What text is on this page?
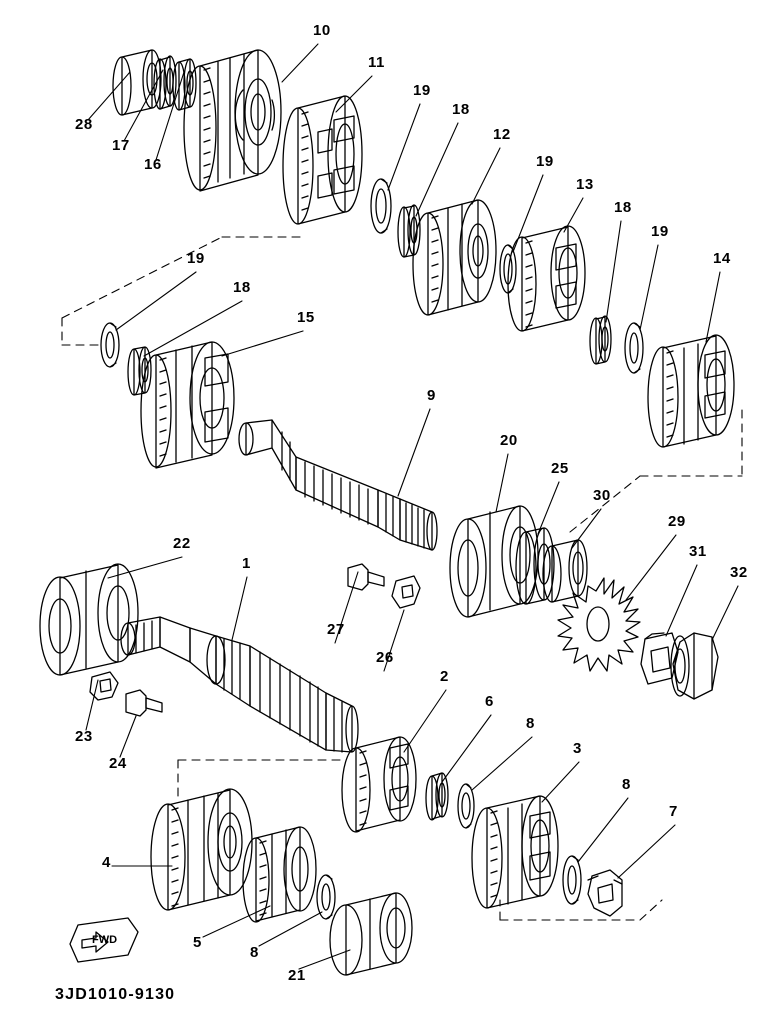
10
11
19
18
12
19
13
18
19
14
28
17
16
19
18
15
9
20
25
30
29
31
32
22
1
27
26
23
24
2
6
8
3
8
7
4
5
8
21
FWD
3JD1010-9130
